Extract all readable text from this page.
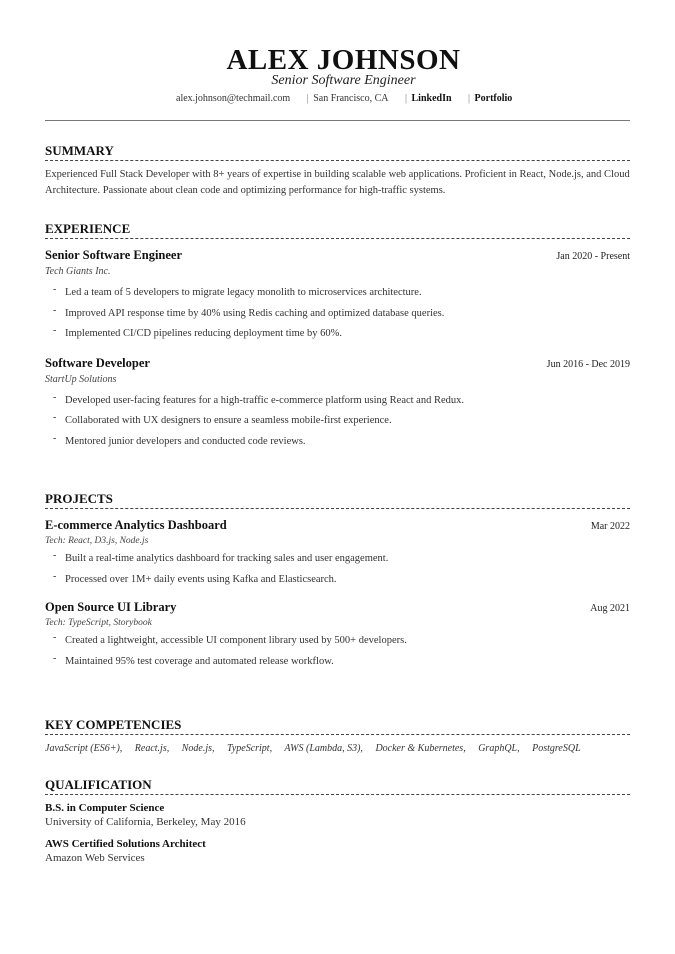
ALEX JOHNSON
Senior Software Engineer
alex.johnson@techmail.com | San Francisco, CA | LinkedIn | Portfolio
SUMMARY
Experienced Full Stack Developer with 8+ years of expertise in building scalable web applications. Proficient in React, Node.js, and Cloud Architecture. Passionate about clean code and optimizing performance for high-traffic systems.
EXPERIENCE
Senior Software Engineer	Jan 2020 - Present
Tech Giants Inc.
- Led a team of 5 developers to migrate legacy monolith to microservices architecture.
- Improved API response time by 40% using Redis caching and optimized database queries.
- Implemented CI/CD pipelines reducing deployment time by 60%.
Software Developer	Jun 2016 - Dec 2019
StartUp Solutions
- Developed user-facing features for a high-traffic e-commerce platform using React and Redux.
- Collaborated with UX designers to ensure a seamless mobile-first experience.
- Mentored junior developers and conducted code reviews.
PROJECTS
E-commerce Analytics Dashboard	Mar 2022
Tech: React, D3.js, Node.js
- Built a real-time analytics dashboard for tracking sales and user engagement.
- Processed over 1M+ daily events using Kafka and Elasticsearch.
Open Source UI Library	Aug 2021
Tech: TypeScript, Storybook
- Created a lightweight, accessible UI component library used by 500+ developers.
- Maintained 95% test coverage and automated release workflow.
KEY COMPETENCIES
JavaScript (ES6+), React.js, Node.js, TypeScript, AWS (Lambda, S3), Docker & Kubernetes, GraphQL, PostgreSQL
QUALIFICATION
B.S. in Computer Science
University of California, Berkeley, May 2016
AWS Certified Solutions Architect
Amazon Web Services
